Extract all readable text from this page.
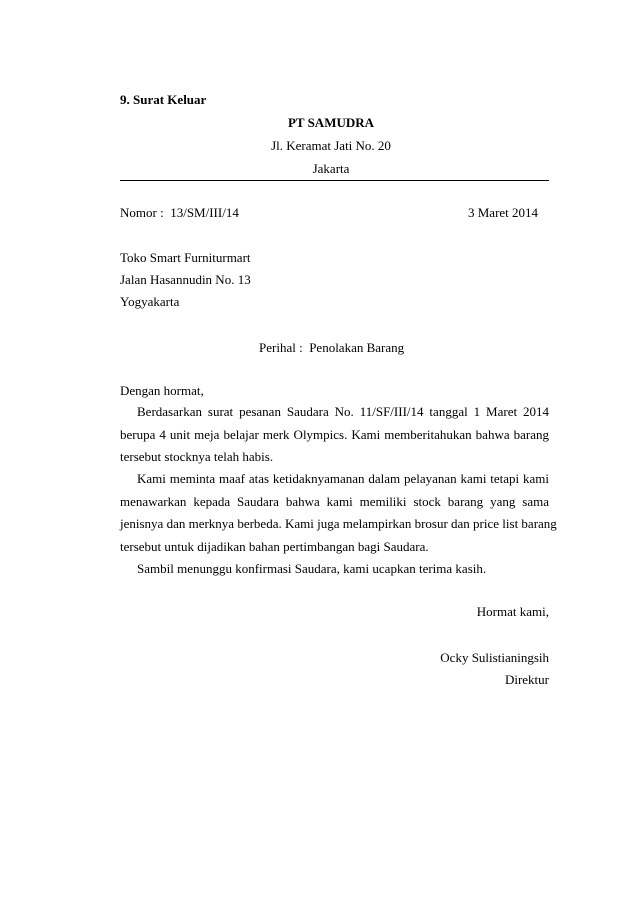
9. Surat Keluar
PT SAMUDRA
Jl. Keramat Jati No. 20
Jakarta
Nomor : 13/SM/III/14	3 Maret 2014
Toko Smart Furniturmart
Jalan Hasannudin No. 13
Yogyakarta
Perihal : Penolakan Barang
Dengan hormat,
Berdasarkan surat pesanan Saudara No. 11/SF/III/14 tanggal 1 Maret 2014
berupa 4 unit meja belajar merk Olympics. Kami memberitahukan bahwa barang
tersebut stocknya telah habis.
Kami meminta maaf atas ketidaknyamanan dalam pelayanan kami tetapi kami
menawarkan kepada Saudara bahwa kami memiliki stock barang yang sama
jenisnya dan merknya berbeda. Kami juga melampirkan brosur dan price list barang
tersebut untuk dijadikan bahan pertimbangan bagi Saudara.
Sambil menunggu konfirmasi Saudara, kami ucapkan terima kasih.
Hormat kami,
Ocky Sulistianingsih
Direktur
